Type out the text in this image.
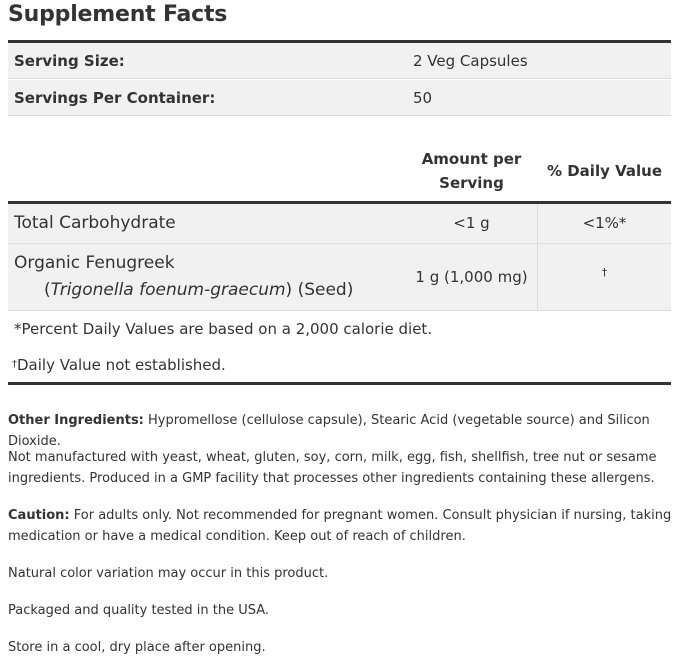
Supplement Facts
Serving Size:	2 Veg Capsules
Servings Per Container:	50
Amount per
Serving
% Daily Value
Total Carbohydrate	<1 g	<1%*
Organic Fenugreek
(Trigonella foenum-graecum) (Seed)
1 g (1,000 mg)	†
*Percent Daily Values are based on a 2,000 calorie diet.
†Daily Value not established.
Other Ingredients: Hypromellose (cellulose capsule), Stearic Acid (vegetable source) and Silicon Dioxide.
Not manufactured with yeast, wheat, gluten, soy, corn, milk, egg, fish, shellfish, tree nut or sesame
ingredients. Produced in a GMP facility that processes other ingredients containing these allergens.
Caution: For adults only. Not recommended for pregnant women. Consult physician if nursing, taking
medication or have a medical condition. Keep out of reach of children.
Natural color variation may occur in this product.
Packaged and quality tested in the USA.
Store in a cool, dry place after opening.
